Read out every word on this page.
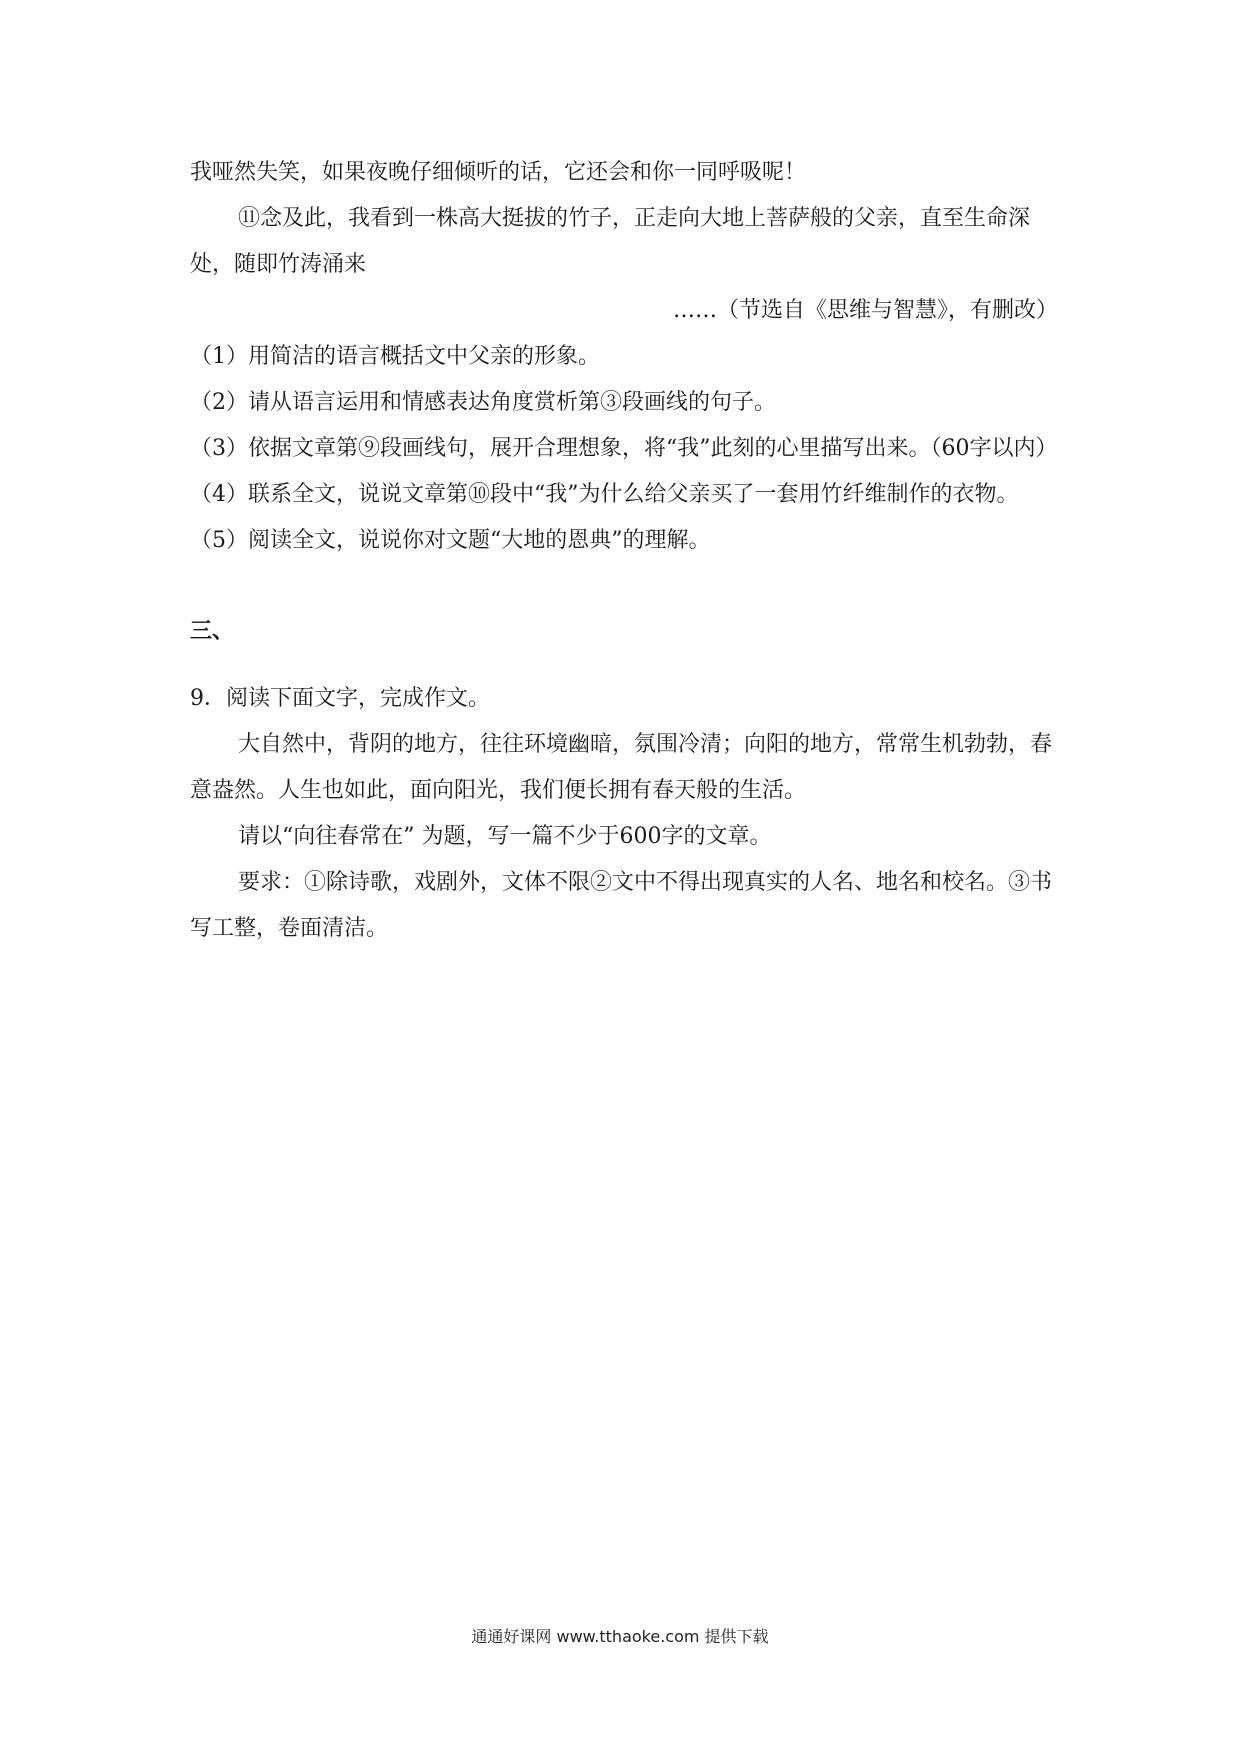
我哑然失笑，如果夜晚仔细倾听的话，它还会和你一同呼吸呢！

⑪念及此，我看到一株高大挺拔的竹子，正走向大地上菩萨般的父亲，直至生命深处，随即竹涛涌来

……（节选自《思维与智慧》，有删改）

（1）用简洁的语言概括文中父亲的形象。

（2）请从语言运用和情感表达角度赏析第③段画线的句子。

（3）依据文章第⑨段画线句，展开合理想象，将“我”此刻的心里描写出来。（60字以内）

（4）联系全文，说说文章第⑩段中“我”为什么给父亲买了一套用竹纤维制作的衣物。

（5）阅读全文，说说你对文题“大地的恩典”的理解。

三、

9．阅读下面文字，完成作文。

大自然中，背阴的地方，往往环境幽暗，氛围冷清；向阳的地方，常常生机勃勃，春意盎然。人生也如此，面向阳光，我们便长拥有春天般的生活。

请以“向往春常在” 为题，写一篇不少于600字的文章。

要求：①除诗歌，戏剧外，文体不限②文中不得出现真实的人名、地名和校名。③书写工整，卷面清洁。

通通好课网 www.tthaoke.com 提供下载
